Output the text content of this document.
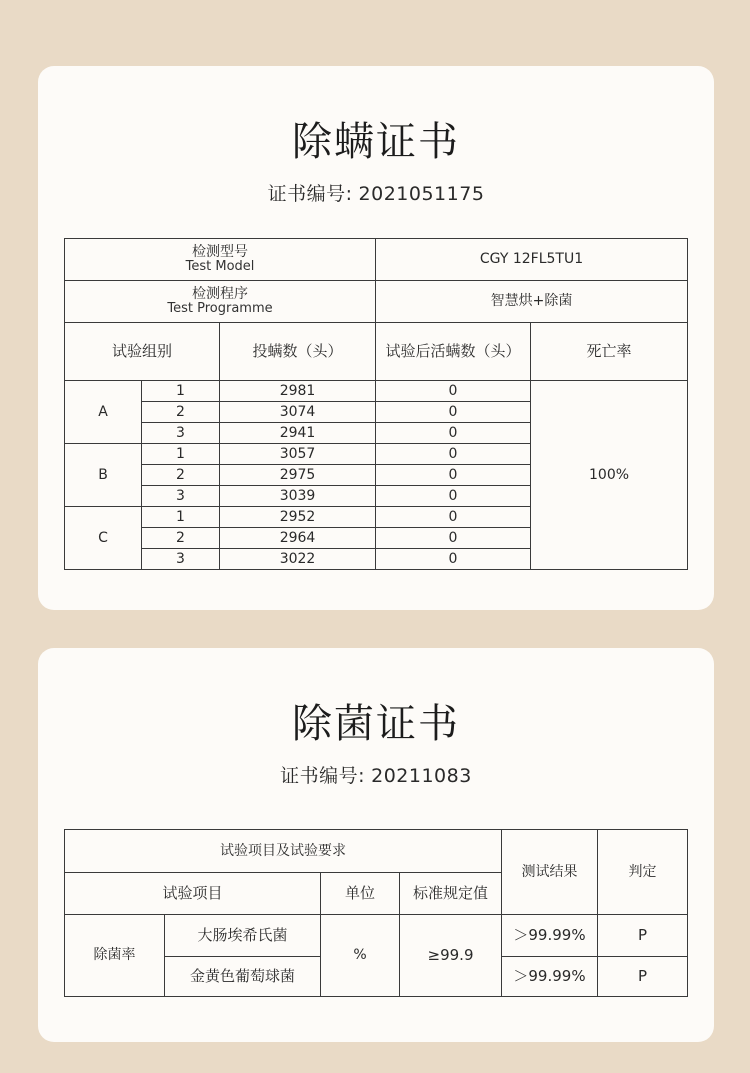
除螨证书
证书编号: 2021051175
检测型号
Test Model			CGY 12FL5TU1	

检测程序
Test Programme			智慧烘+除菌	
试验组别		投螨数（头）	试验后活螨数（头）	死亡率
A	1	2981	0	100%
	2	3074	0	
	3	2941	0	
B	1	3057	0	
	2	2975	0	
	3	3039	0	
C	1	2952	0	
	2	2964	0	
	3	3022	0	
除菌证书
证书编号: 20211083
试验项目及试验要求				测试结果	判定
试验项目		单位	标准规定值		
除菌率	大肠埃希氏菌	%	≥99.9	＞99.99%	P
	金黄色葡萄球菌			＞99.99%	P
